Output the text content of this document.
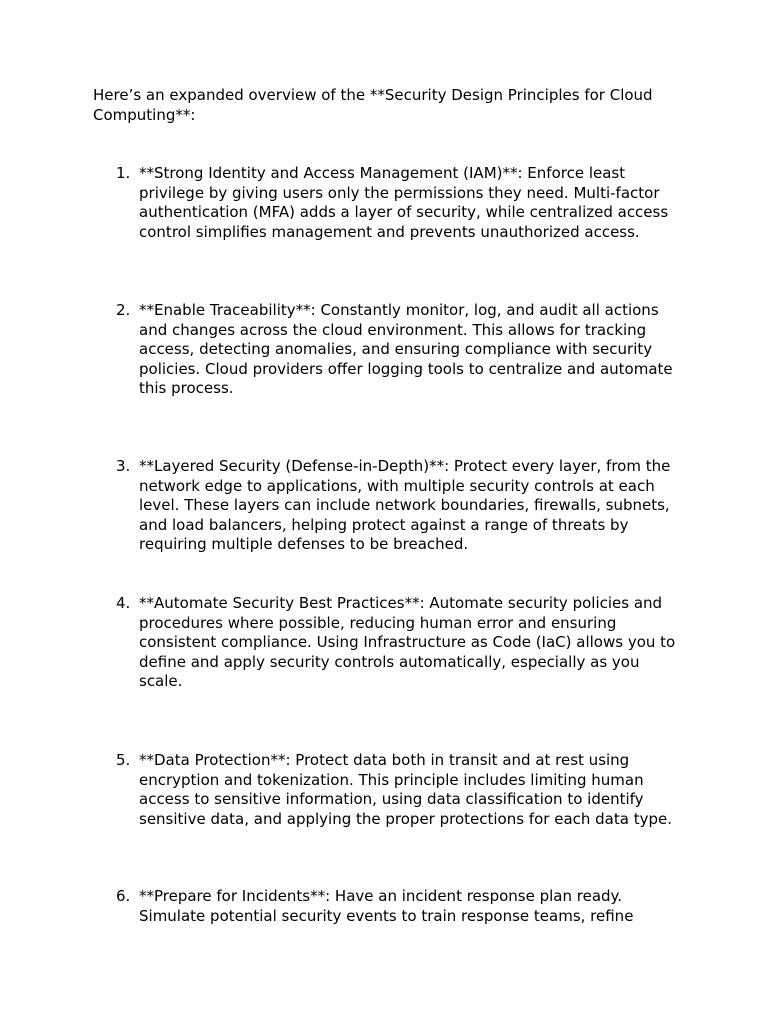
Here’s an expanded overview of the **Security Design Principles for Cloud Computing**:

1. **Strong Identity and Access Management (IAM)**: Enforce least privilege by giving users only the permissions they need. Multi-factor authentication (MFA) adds a layer of security, while centralized access control simplifies management and prevents unauthorized access.

2. **Enable Traceability**: Constantly monitor, log, and audit all actions and changes across the cloud environment. This allows for tracking access, detecting anomalies, and ensuring compliance with security policies. Cloud providers offer logging tools to centralize and automate this process.

3. **Layered Security (Defense-in-Depth)**: Protect every layer, from the network edge to applications, with multiple security controls at each level. These layers can include network boundaries, firewalls, subnets, and load balancers, helping protect against a range of threats by requiring multiple defenses to be breached.

4. **Automate Security Best Practices**: Automate security policies and procedures where possible, reducing human error and ensuring consistent compliance. Using Infrastructure as Code (IaC) allows you to define and apply security controls automatically, especially as you scale.

5. **Data Protection**: Protect data both in transit and at rest using encryption and tokenization. This principle includes limiting human access to sensitive information, using data classification to identify sensitive data, and applying the proper protections for each data type.

6. **Prepare for Incidents**: Have an incident response plan ready. Simulate potential security events to train response teams, refine
